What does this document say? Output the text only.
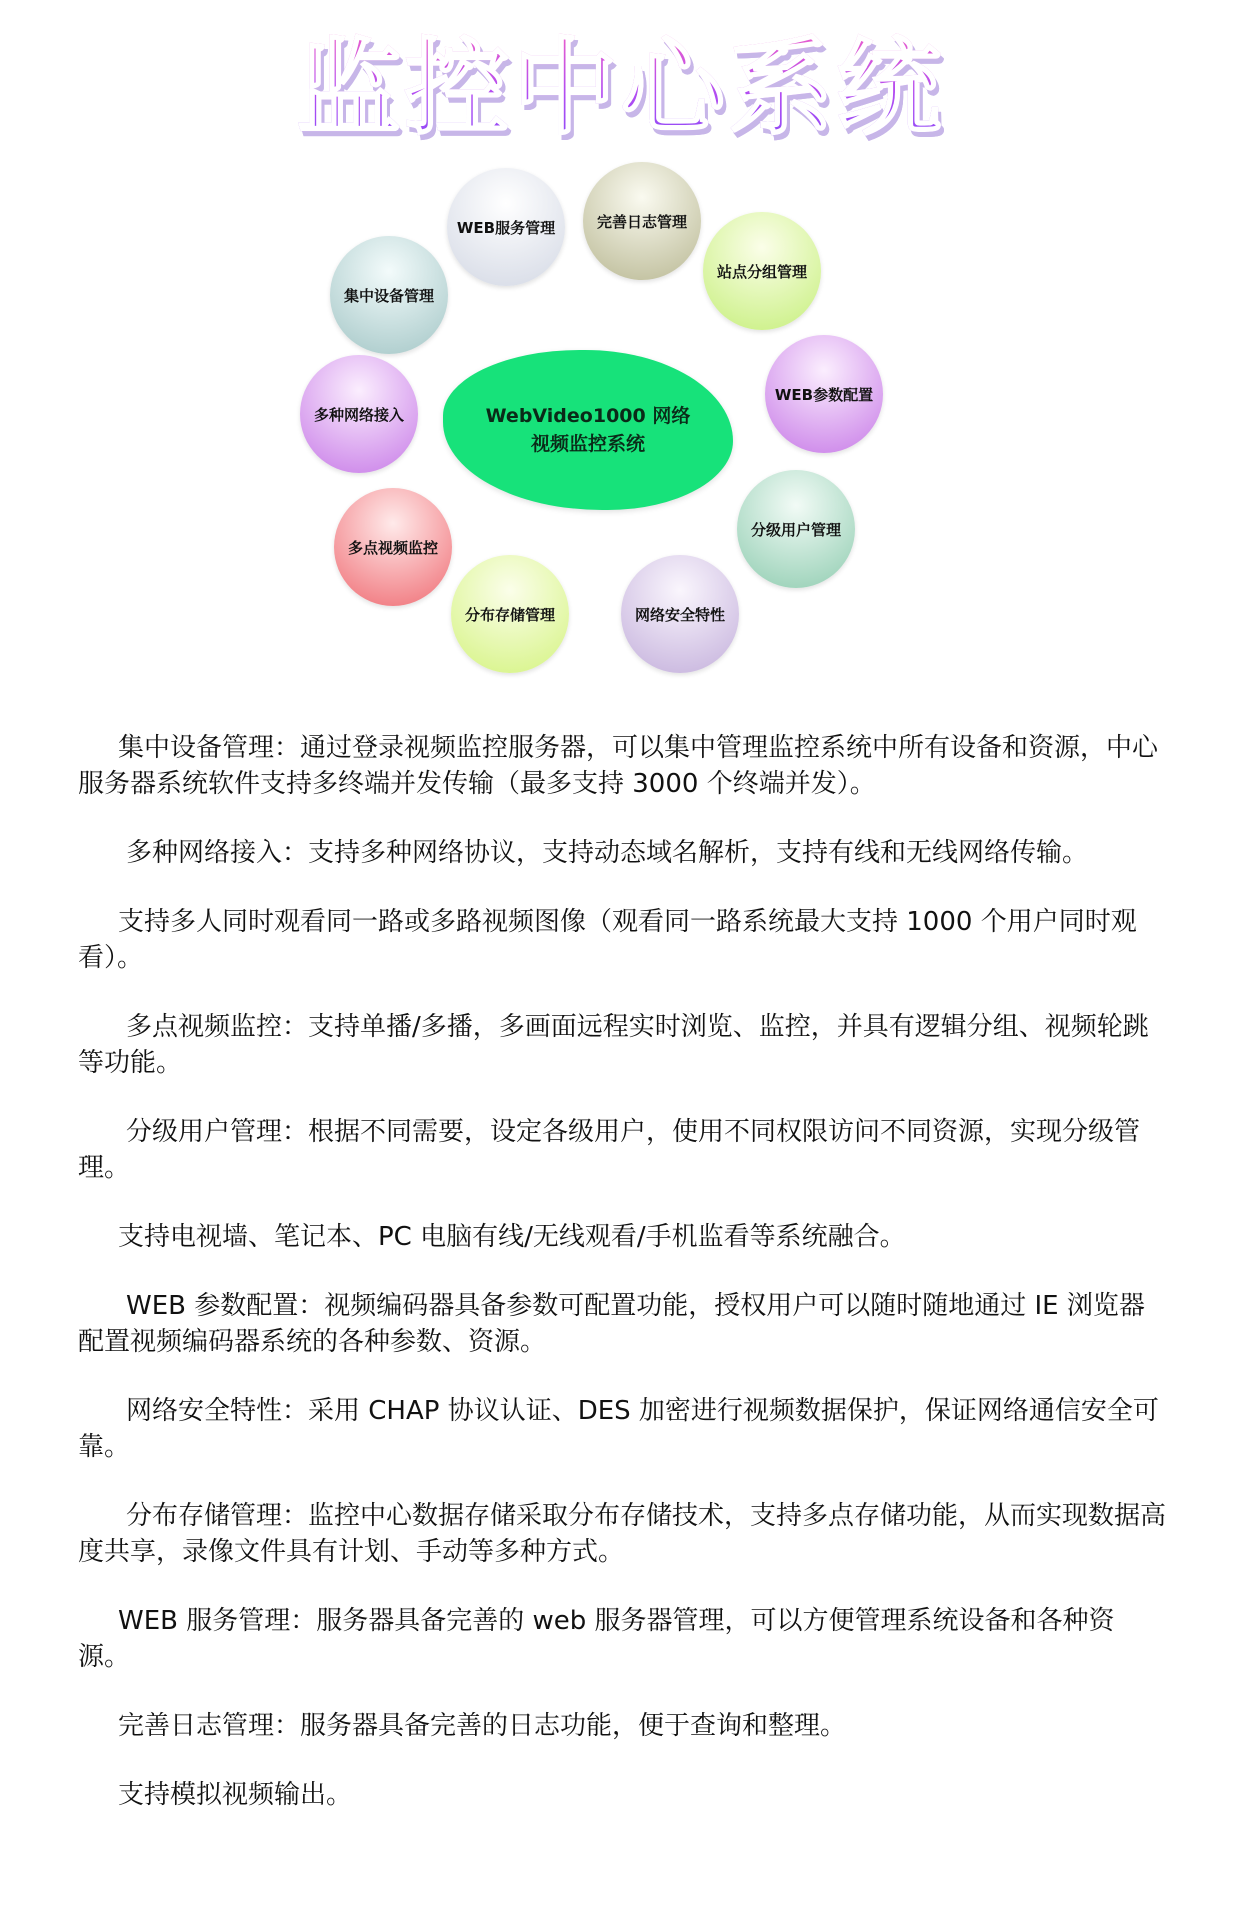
监控中心系统
WebVideo1000 网络
视频监控系统
WEB服务管理	完善日志管理
站点分组管理
WEB参数配置
分级用户管理
网络安全特性
分布存储管理
多点视频监控
多种网络接入
集中设备管理

集中设备管理：通过登录视频监控服务器，可以集中管理监控系统中所有设备和资源，中心服务器系统软件支持多终端并发传输（最多支持 3000 个终端并发）。

多种网络接入：支持多种网络协议，支持动态域名解析，支持有线和无线网络传输。

支持多人同时观看同一路或多路视频图像（观看同一路系统最大支持 1000 个用户同时观看）。

多点视频监控：支持单播/多播，多画面远程实时浏览、监控，并具有逻辑分组、视频轮跳等功能。

分级用户管理：根据不同需要，设定各级用户，使用不同权限访问不同资源，实现分级管理。

支持电视墙、笔记本、PC 电脑有线/无线观看/手机监看等系统融合。

WEB 参数配置：视频编码器具备参数可配置功能，授权用户可以随时随地通过 IE 浏览器配置视频编码器系统的各种参数、资源。

网络安全特性：采用 CHAP 协议认证、DES 加密进行视频数据保护，保证网络通信安全可靠。

分布存储管理：监控中心数据存储采取分布存储技术，支持多点存储功能，从而实现数据高度共享，录像文件具有计划、手动等多种方式。

WEB 服务管理：服务器具备完善的 web 服务器管理，可以方便管理系统设备和各种资源。

完善日志管理：服务器具备完善的日志功能，便于查询和整理。

支持模拟视频输出。
